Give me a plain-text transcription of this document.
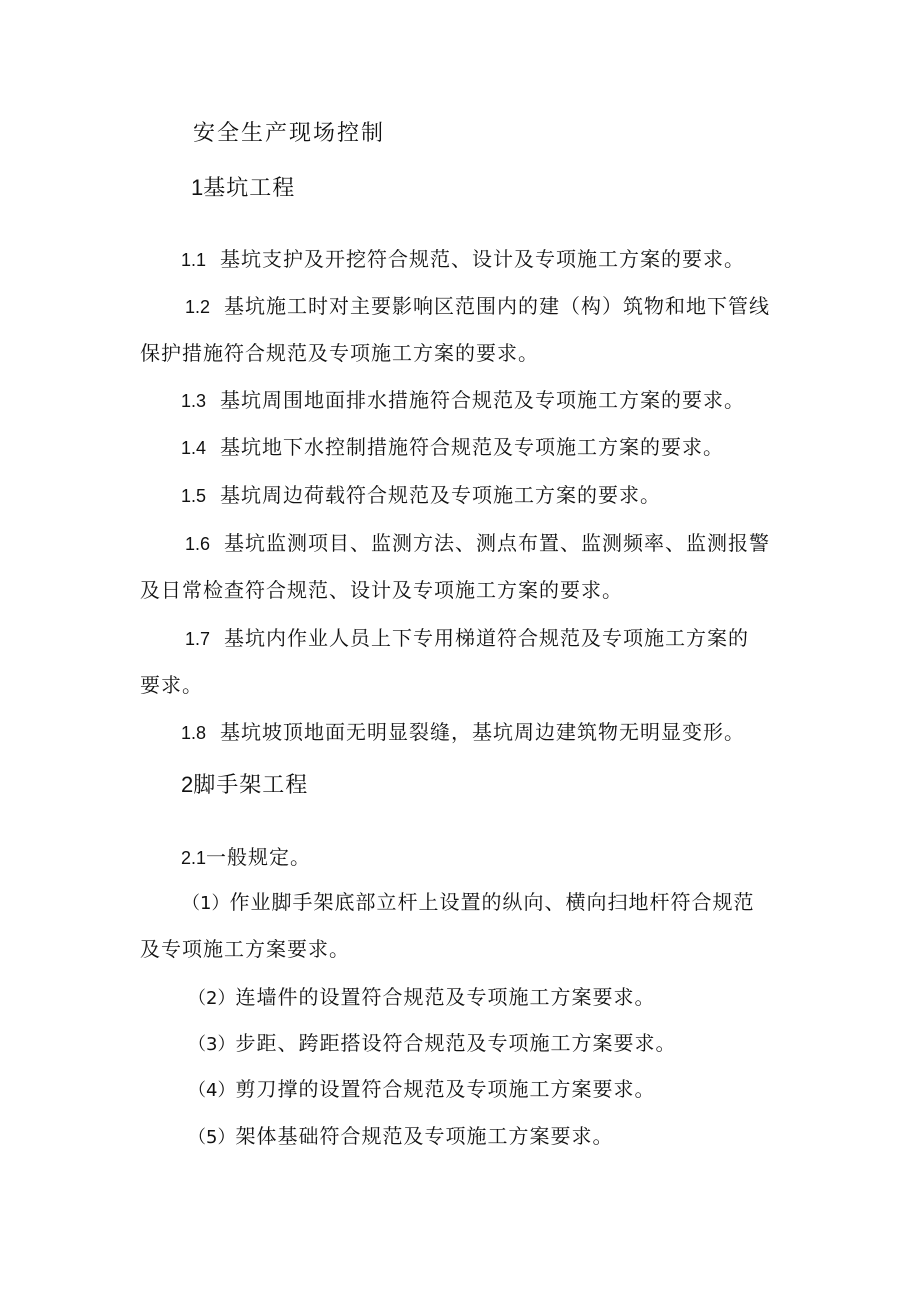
安全生产现场控制
1基坑工程
1.1 基坑支护及开挖符合规范、设计及专项施工方案的要求。
1.2 基坑施工时对主要影响区范围内的建（构）筑物和地下管线
保护措施符合规范及专项施工方案的要求。
1.3 基坑周围地面排水措施符合规范及专项施工方案的要求。
1.4 基坑地下水控制措施符合规范及专项施工方案的要求。
1.5 基坑周边荷载符合规范及专项施工方案的要求。
1.6 基坑监测项目、监测方法、测点布置、监测频率、监测报警
及日常检查符合规范、设计及专项施工方案的要求。
1.7 基坑内作业人员上下专用梯道符合规范及专项施工方案的
要求。
1.8 基坑坡顶地面无明显裂缝，基坑周边建筑物无明显变形。
2脚手架工程
2.1一般规定。
（1）作业脚手架底部立杆上设置的纵向、横向扫地杆符合规范
及专项施工方案要求。
（2）连墙件的设置符合规范及专项施工方案要求。
（3）步距、跨距搭设符合规范及专项施工方案要求。
（4）剪刀撑的设置符合规范及专项施工方案要求。
（5）架体基础符合规范及专项施工方案要求。
